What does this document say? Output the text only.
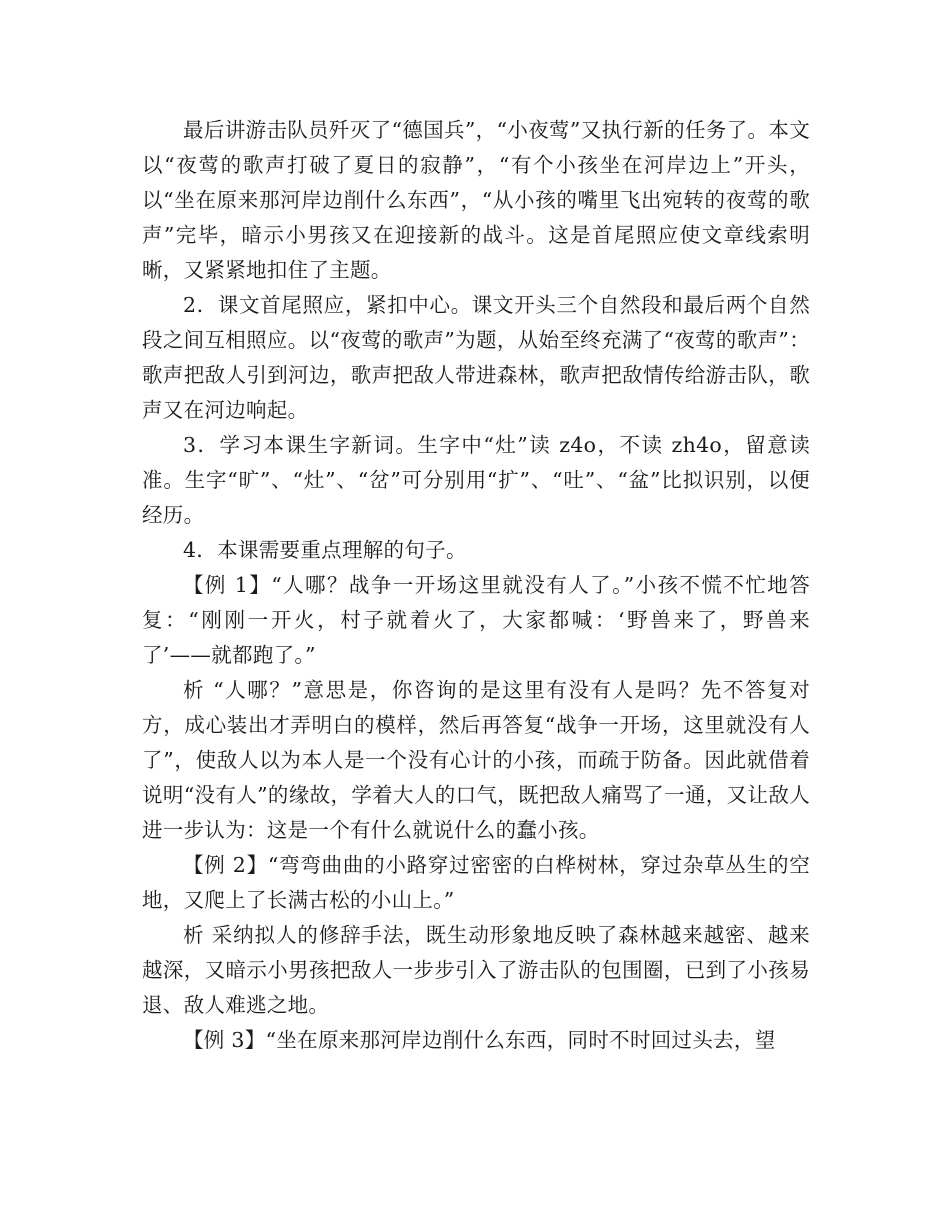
最后讲游击队员歼灭了“德国兵”，“小夜莺”又执行新的任务了。本文以“夜莺的歌声打破了夏日的寂静”，“有个小孩坐在河岸边上”开头，以“坐在原来那河岸边削什么东西”，“从小孩的嘴里飞出宛转的夜莺的歌声”完毕，暗示小男孩又在迎接新的战斗。这是首尾照应使文章线索明晰，又紧紧地扣住了主题。

2．课文首尾照应，紧扣中心。课文开头三个自然段和最后两个自然段之间互相照应。以“夜莺的歌声”为题，从始至终充满了“夜莺的歌声”：歌声把敌人引到河边，歌声把敌人带进森林，歌声把敌情传给游击队，歌声又在河边响起。

3．学习本课生字新词。生字中“灶”读 z4o，不读 zh4o，留意读准。生字“旷”、“灶”、“岔”可分别用“扩”、“吐”、“盆”比拟识别，以便经历。

4．本课需要重点理解的句子。

【例 1】“人哪？战争一开场这里就没有人了。”小孩不慌不忙地答复：“刚刚一开火，村子就着火了，大家都喊：‘野兽来了，野兽来了’——就都跑了。”

析 “人哪？”意思是，你咨询的是这里有没有人是吗？先不答复对方，成心装出才弄明白的模样，然后再答复“战争一开场，这里就没有人了”，使敌人以为本人是一个没有心计的小孩，而疏于防备。因此就借着说明“没有人”的缘故，学着大人的口气，既把敌人痛骂了一通，又让敌人进一步认为：这是一个有什么就说什么的蠢小孩。

【例 2】“弯弯曲曲的小路穿过密密的白桦树林，穿过杂草丛生的空地，又爬上了长满古松的小山上。”

析 采纳拟人的修辞手法，既生动形象地反映了森林越来越密、越来越深，又暗示小男孩把敌人一步步引入了游击队的包围圈，已到了小孩易退、敌人难逃之地。

【例 3】“坐在原来那河岸边削什么东西，同时不时回过头去，望
